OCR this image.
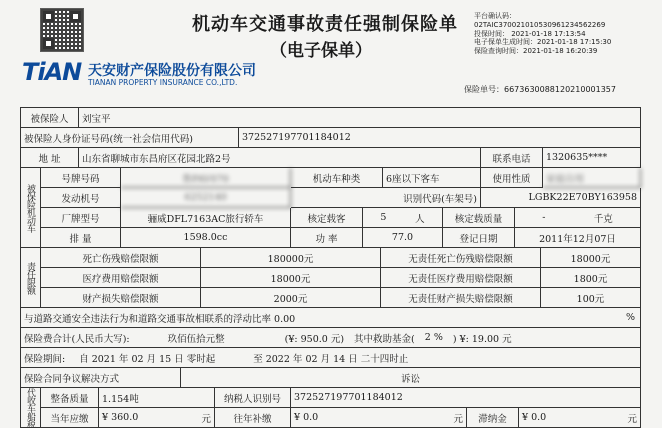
机动车交通事故责任强制保险单
（电子保单）
TiAN 天安财产保险股份有限公司
TIANAN PROPERTY INSURANCE CO.,LTD.
平台确认码：
02TAIC370021010530961234562269
投保时间： 2021-01-18 17:13:54
电子保单生成时间：2021-01-18 17:15:30
保险查询时间：2021-01-18 16:20:39
保险单号：6673630088120210001357
被保险人	刘宝平
被保险人身份证号码(统一社会信用代码)	372527197701184012
地 址	山东省聊城市东昌府区花园北路2号	联系电话	1320635****
被保险机动车
号牌号码	鲁PAV070	机动车种类	6座以下客车	使用性质	家庭自用
发动机号	6252140	识别代码(车架号)	LGBK22E70BY163958
厂牌型号	骊威DFL7163AC旅行轿车	核定载客	5	人	核定载质量	-	千克
排 量	1598.0cc	功 率	77.0	登记日期	2011年12月07日
责任限额
死亡伤残赔偿限额	180000元	无责任死亡伤残赔偿限额	18000元
医疗费用赔偿限额	18000元	无责任医疗费用赔偿限额	1800元
财产损失赔偿限额	2000元	无责任财产损失赔偿限额	100元
与道路交通安全违法行为和道路交通事故相联系的浮动比率 0.00	%
保险费合计(人民币大写):	玖佰伍拾元整	(¥: 950.0 元) 其中救助基金( 2 % ) ¥: 19.00 元
保险期间: 自 2021 年 02 月 15 日 零时起	至 2022 年 02 月 14 日 二十四时止
保险合同争议解决方式	诉讼
代收车船税	整备质量	1.154吨	纳税人识别号	372527197701184012
当年应缴	¥ 360.0	元	往年补缴	¥ 0.0	元	滞纳金	¥ 0.0	元
